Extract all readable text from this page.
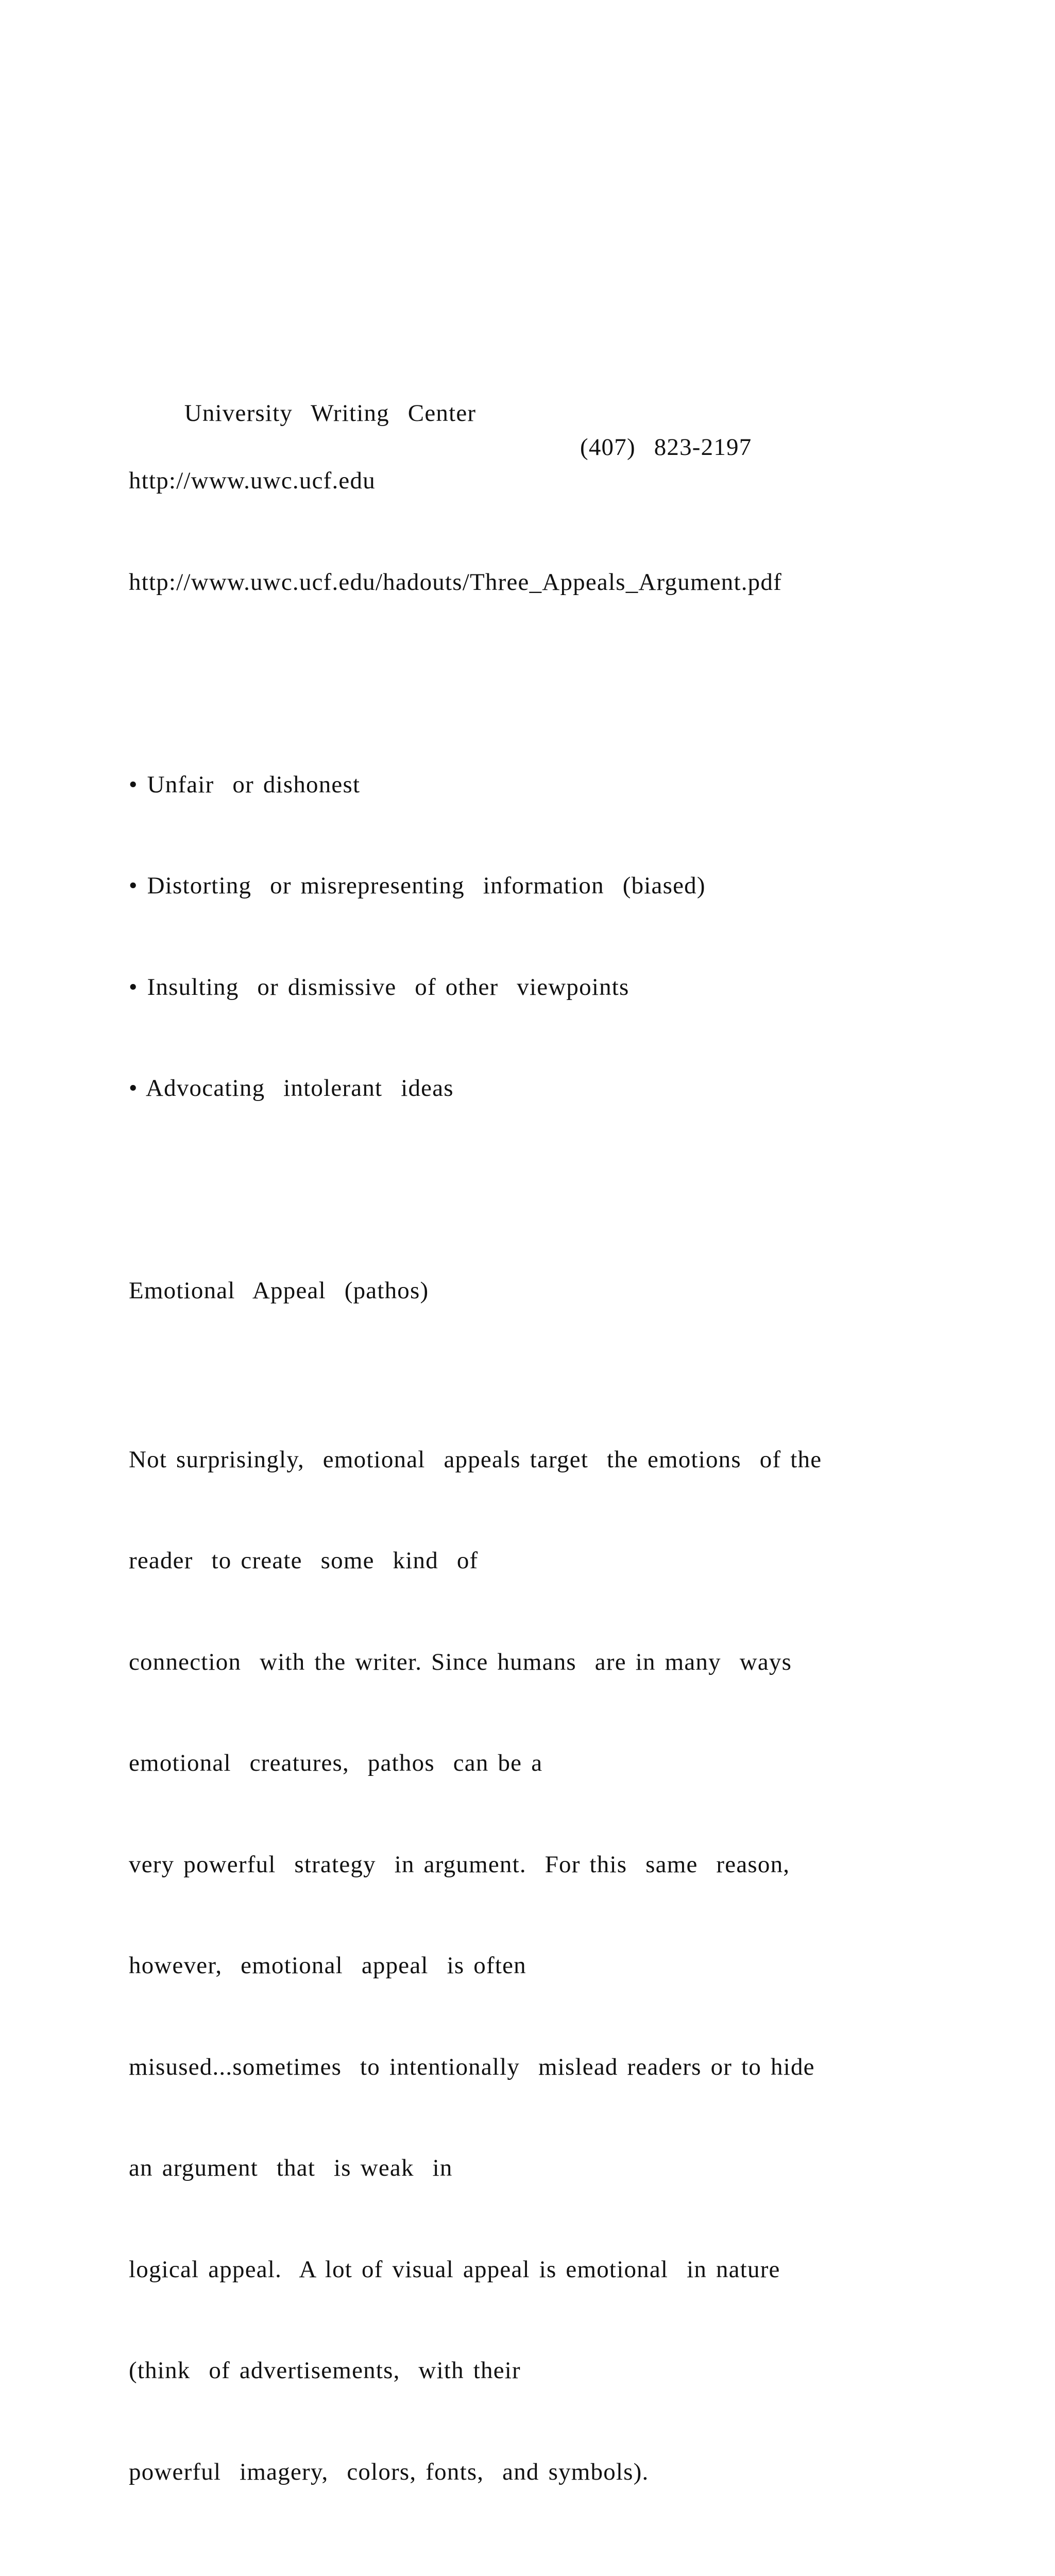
University  Writing  Center

(407)  823-2197

http://www.uwc.ucf.edu

http://www.uwc.ucf.edu/hadouts/Three_Appeals_Argument.pdf

• Unfair  or dishonest

• Distorting  or misrepresenting  information  (biased)

• Insulting  or dismissive  of other  viewpoints

• Advocating  intolerant  ideas

Emotional  Appeal  (pathos)

Not surprisingly,  emotional  appeals target  the emotions  of the

reader  to create  some  kind  of

connection  with the writer. Since humans  are in many  ways

emotional  creatures,  pathos  can be a

very powerful  strategy  in argument.  For this  same  reason,

however,  emotional  appeal  is often

misused...sometimes  to intentionally  mislead readers or to hide

an argument  that  is weak  in

logical appeal.  A lot of visual appeal is emotional  in nature

(think  of advertisements,  with their

powerful  imagery,  colors, fonts,  and symbols).
